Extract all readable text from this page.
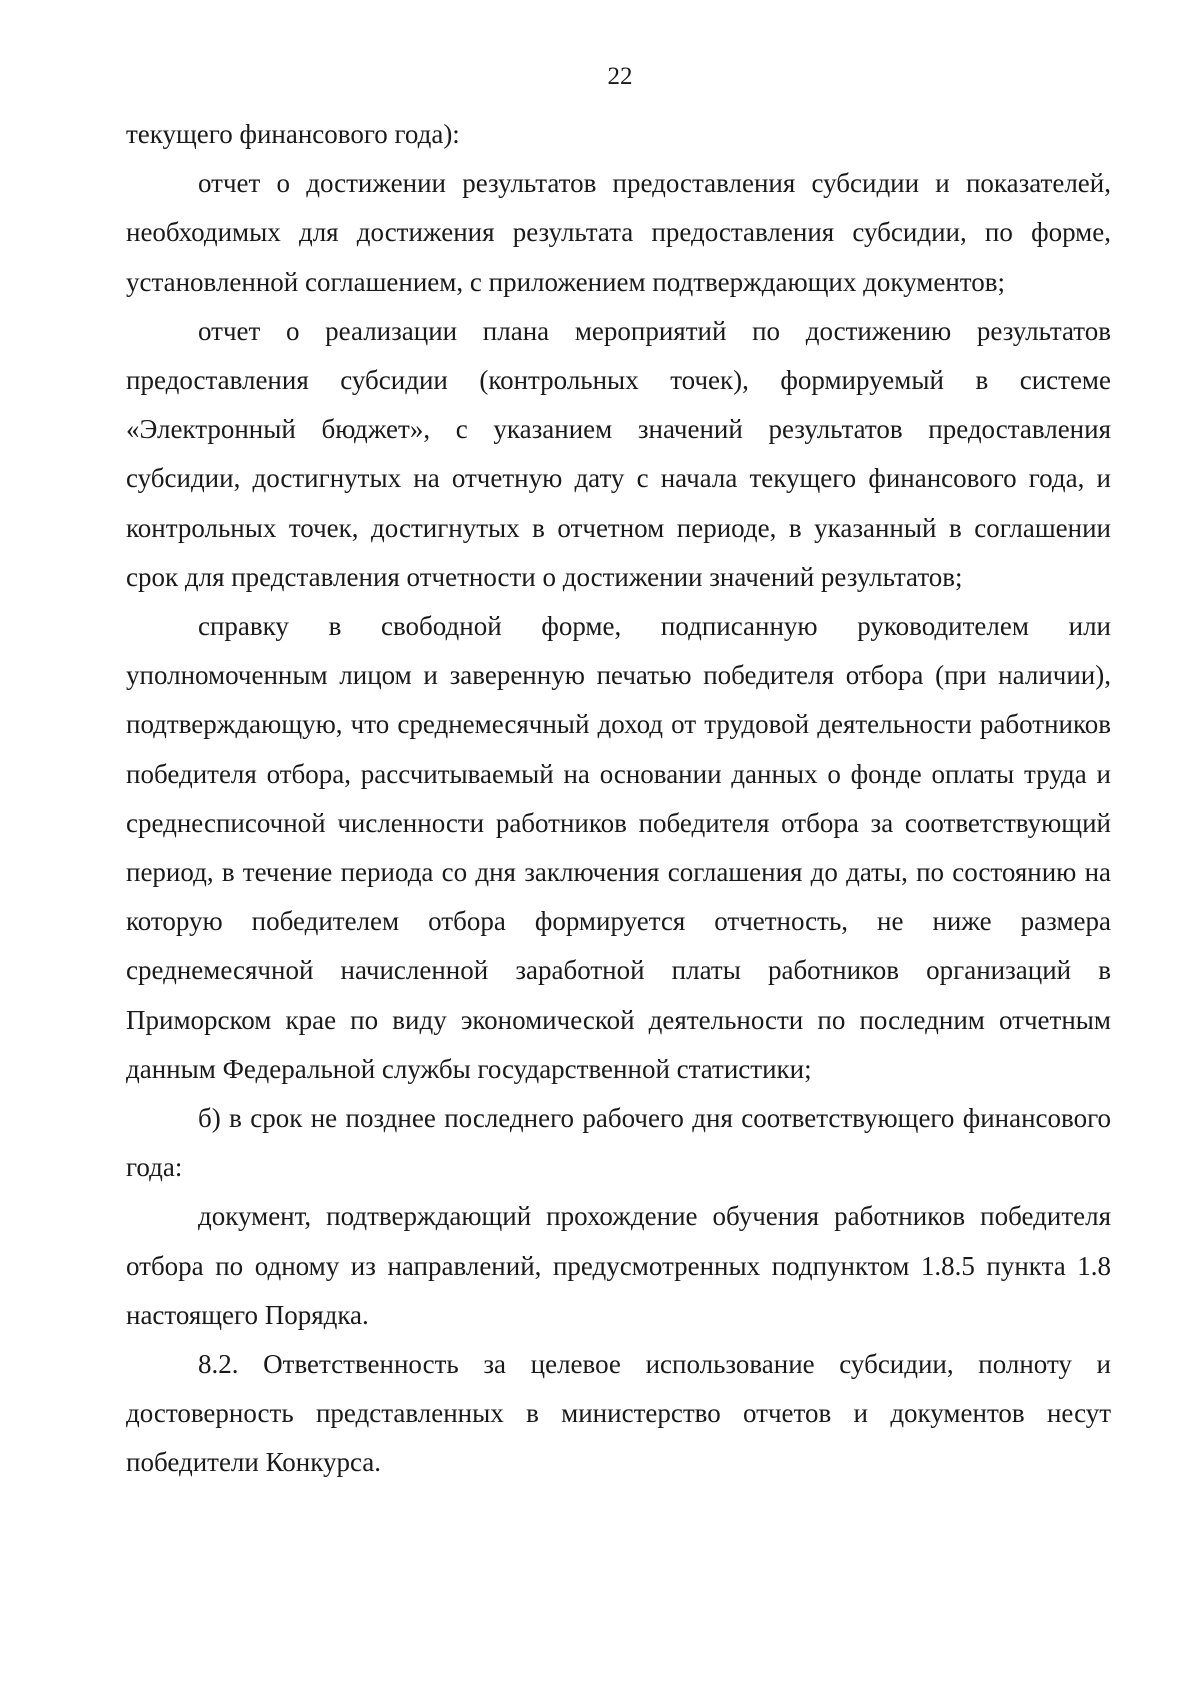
22

текущего финансового года):

отчет о достижении результатов предоставления субсидии и показателей, необходимых для достижения результата предоставления субсидии, по форме, установленной соглашением, с приложением подтверждающих документов;

отчет о реализации плана мероприятий по достижению результатов предоставления субсидии (контрольных точек), формируемый в системе «Электронный бюджет», с указанием значений результатов предоставления субсидии, достигнутых на отчетную дату с начала текущего финансового года, и контрольных точек, достигнутых в отчетном периоде, в указанный в соглашении срок для представления отчетности о достижении значений результатов;

справку в свободной форме, подписанную руководителем или уполномоченным лицом и заверенную печатью победителя отбора (при наличии), подтверждающую, что среднемесячный доход от трудовой деятельности работников победителя отбора, рассчитываемый на основании данных о фонде оплаты труда и среднесписочной численности работников победителя отбора за соответствующий период, в течение периода со дня заключения соглашения до даты, по состоянию на которую победителем отбора формируется отчетность, не ниже размера среднемесячной начисленной заработной платы работников организаций в Приморском крае по виду экономической деятельности по последним отчетным данным Федеральной службы государственной статистики;

б) в срок не позднее последнего рабочего дня соответствующего финансового года:

документ, подтверждающий прохождение обучения работников победителя отбора по одному из направлений, предусмотренных подпунктом 1.8.5 пункта 1.8 настоящего Порядка.

8.2. Ответственность за целевое использование субсидии, полноту и достоверность представленных в министерство отчетов и документов несут победители Конкурса.
